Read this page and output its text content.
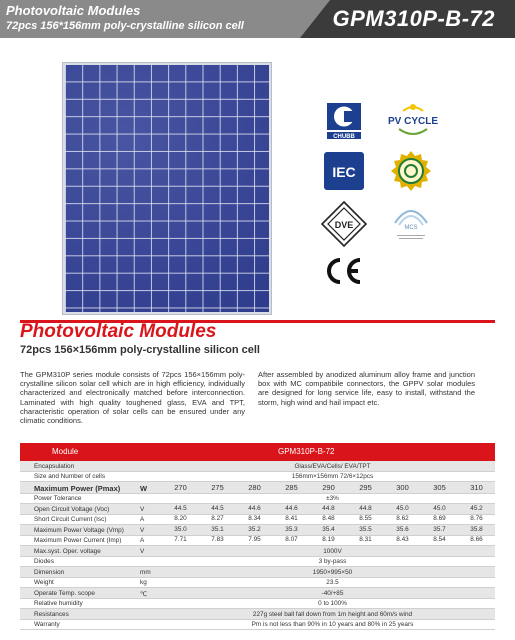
Photovoltaic Modules
72pcs 156*156mm poly-crystalline silicon cell	GPM310P-B-72
CHUBB
PV CYCLE
IEC
DVE	MCS
Photovoltaic Modules
72pcs 156×156mm poly-crystalline silicon cell
The GPM310P series module consists of 72pcs 156×156mm poly-crystalline silicon solar cell which are in high efficiency, individually characterized and electronically matched before interconnection. Laminated with high quality toughened glass, EVA and TPT, characteristic operation of solar cells can be ensured under any climatic conditions.
After assembled by anodized aluminum alloy frame and junction box with MC compatibile connectors, the GPPV solar modules are designed for long service life, easy to install, withstand the storm, high wind and hail impact etc.
Module	GPM310P-B-72
Encapsulation	Glass/EVA/Cells/ EVA/TPT
Size and Number of cells	156mm×156mm 72/6×12pcs
Maximum Power (Pmax)	W	270	275	280	285	290	295	300	305	310
Power Tolerance	±3%
Open Circuit Voltage (Voc)	V	44.5	44.5	44.6	44.6	44.8	44.8	45.0	45.0	45.2
Short Circuit Current (Isc)	A	8.20	8.27	8.34	8.41	8.48	8.55	8.62	8.69	8.76
Maximum Power Voltage (Vmp)	V	35.0	35.1	35.2	35.3	35.4	35.5	35.6	35.7	35.8
Maximum Power Current (Imp)	A	7.71	7.83	7.95	8.07	8.19	8.31	8.43	8.54	8.66
Max.syst. Oper. voltage	V	1000V
Diodes	3 by-pass
Dimension	mm	1950×995×50
Weight	kg	23.5
Operate Temp. scope	℃	-40/+85
Relative humidity	0 to 100%
Resistances	227g steel ball fall down from 1m height and 60m/s wind
Warranty	Pm is not less than 90% in 10 years and 80% in 25 years
